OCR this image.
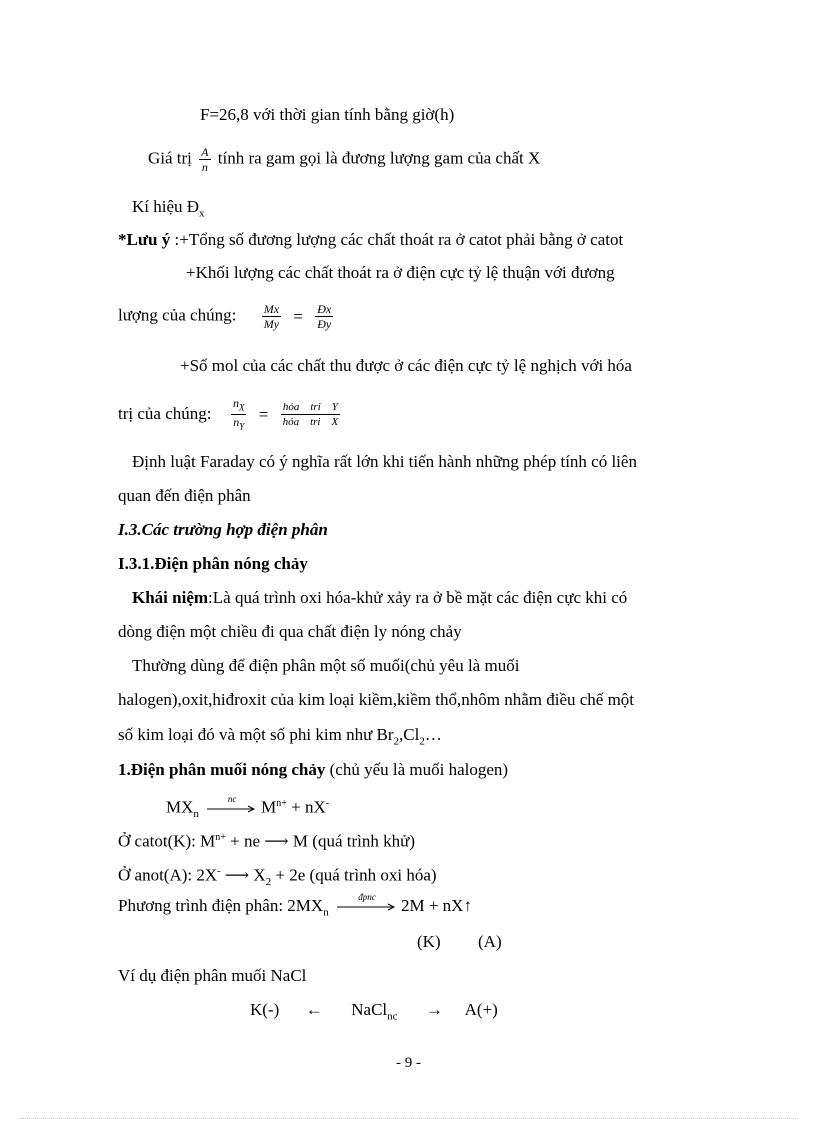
F=26,8 với thời gian tính bằng giờ(h)
Giá trị $\frac{A}{n}$ tính ra gam gọi là đương lượng gam của chất X
Kí hiệu $Đ_x$
*Lưu ý :+Tổng số đương lượng các chất thoát ra ở catot phải bằng ở catot
+Khối lượng các chất thoát ra ở điện cực tỷ lệ thuận với đương
lượng của chúng: $\frac{Mx}{My} = \frac{Đx}{Đy}$
+Số mol của các chất thu được ở các điện cực tỷ lệ nghịch với hóa
trị của chúng: $\frac{n_X}{n_Y} = \frac{\text{hóa    tri    Y}}{\text{hóa    tri    X}}$
Định luật Faraday có ý nghĩa rất lớn khi tiến hành những phép tính có liên
quan đến điện phân
I.3.Các trường hợp điện phân
I.3.1.Điện phân nóng chảy
Khái niệm:Là quá trình oxi hóa-khử xảy ra ở bề mặt các điện cực khi có
dòng điện một chiều đi qua chất điện ly nóng chảy
Thường dùng để điện phân một số muối(chủ yêu là muối
halogen),oxit,hiđroxit của kim loại kiềm,kiềm thổ,nhôm nhằm điều chế một
số kim loại đó và một số phi kim như $Br_2,Cl_2\dots$
1.Điện phân muối nóng chảy (chủ yếu là muối halogen)
$MX_n$
nc	$M^{n+} + nX^-$
Ở catot(K): $M^{n+}$ + ne ⟶ M (quá trình khử)
Ở anot(A): 2X- ⟶ $X_2 + 2e$ (quá trình oxi hóa)
Phương trình điện phân: $2MX_n$
đpnc	2M + nX↑
(K) (A)
Ví dụ điện phân muối NaCl
K(-) ← NaCl$_{nc}$ → A(+)
- 9 -
